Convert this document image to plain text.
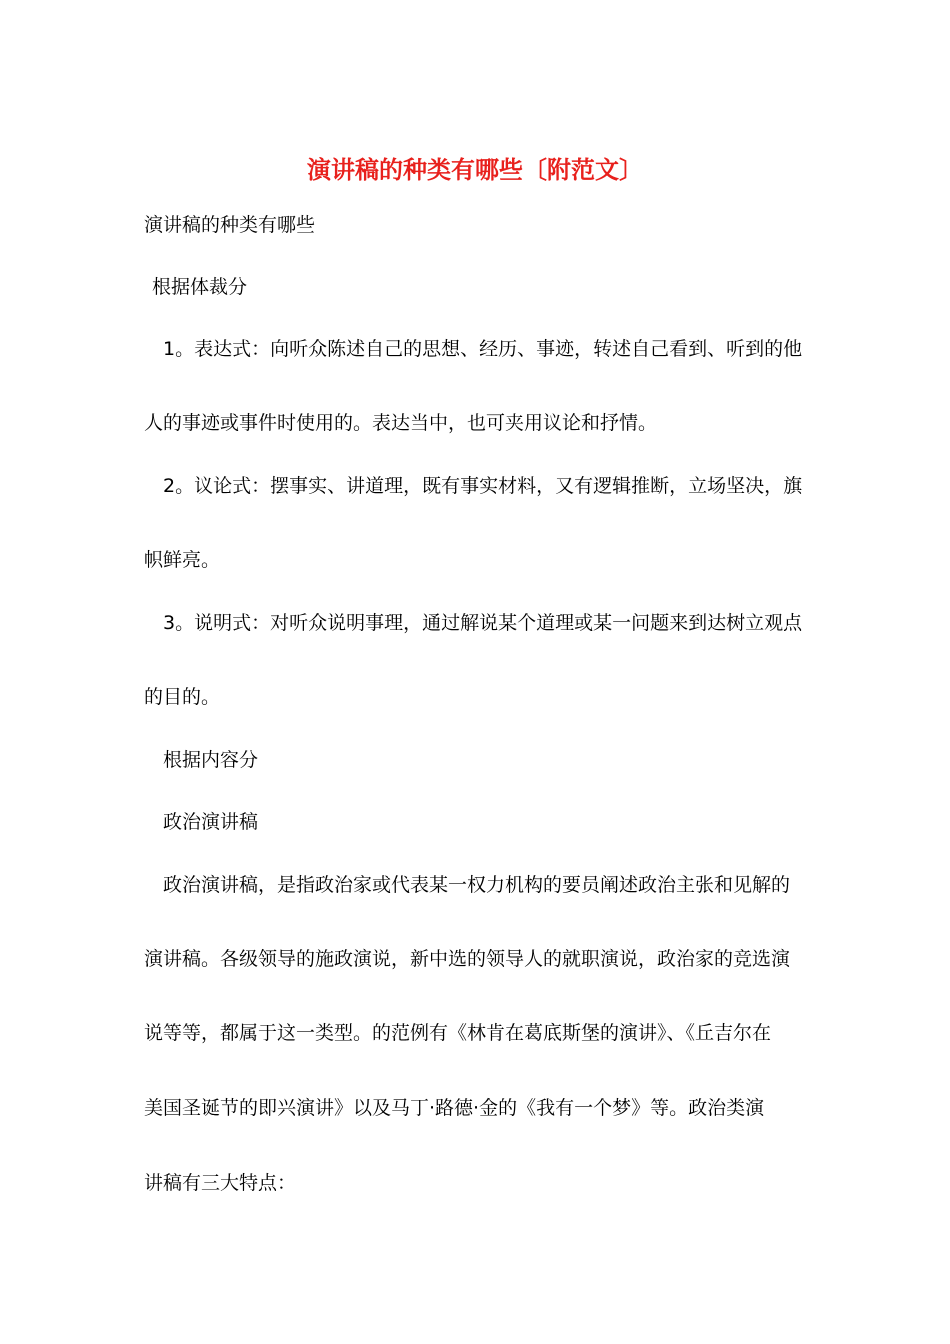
演讲稿的种类有哪些〔附范文〕
演讲稿的种类有哪些
根据体裁分
1。表达式：向听众陈述自己的思想、经历、事迹，转述自己看到、听到的他
人的事迹或事件时使用的。表达当中，也可夹用议论和抒情。
2。议论式：摆事实、讲道理，既有事实材料，又有逻辑推断，立场坚决，旗
帜鲜亮。
3。说明式：对听众说明事理，通过解说某个道理或某一问题来到达树立观点
的目的。
根据内容分
政治演讲稿
政治演讲稿，是指政治家或代表某一权力机构的要员阐述政治主张和见解的
演讲稿。各级领导的施政演说，新中选的领导人的就职演说，政治家的竞选演
说等等，都属于这一类型。的范例有《林肯在葛底斯堡的演讲》、《丘吉尔在
美国圣诞节的即兴演讲》以及马丁·路德·金的《我有一个梦》等。政治类演
讲稿有三大特点：
